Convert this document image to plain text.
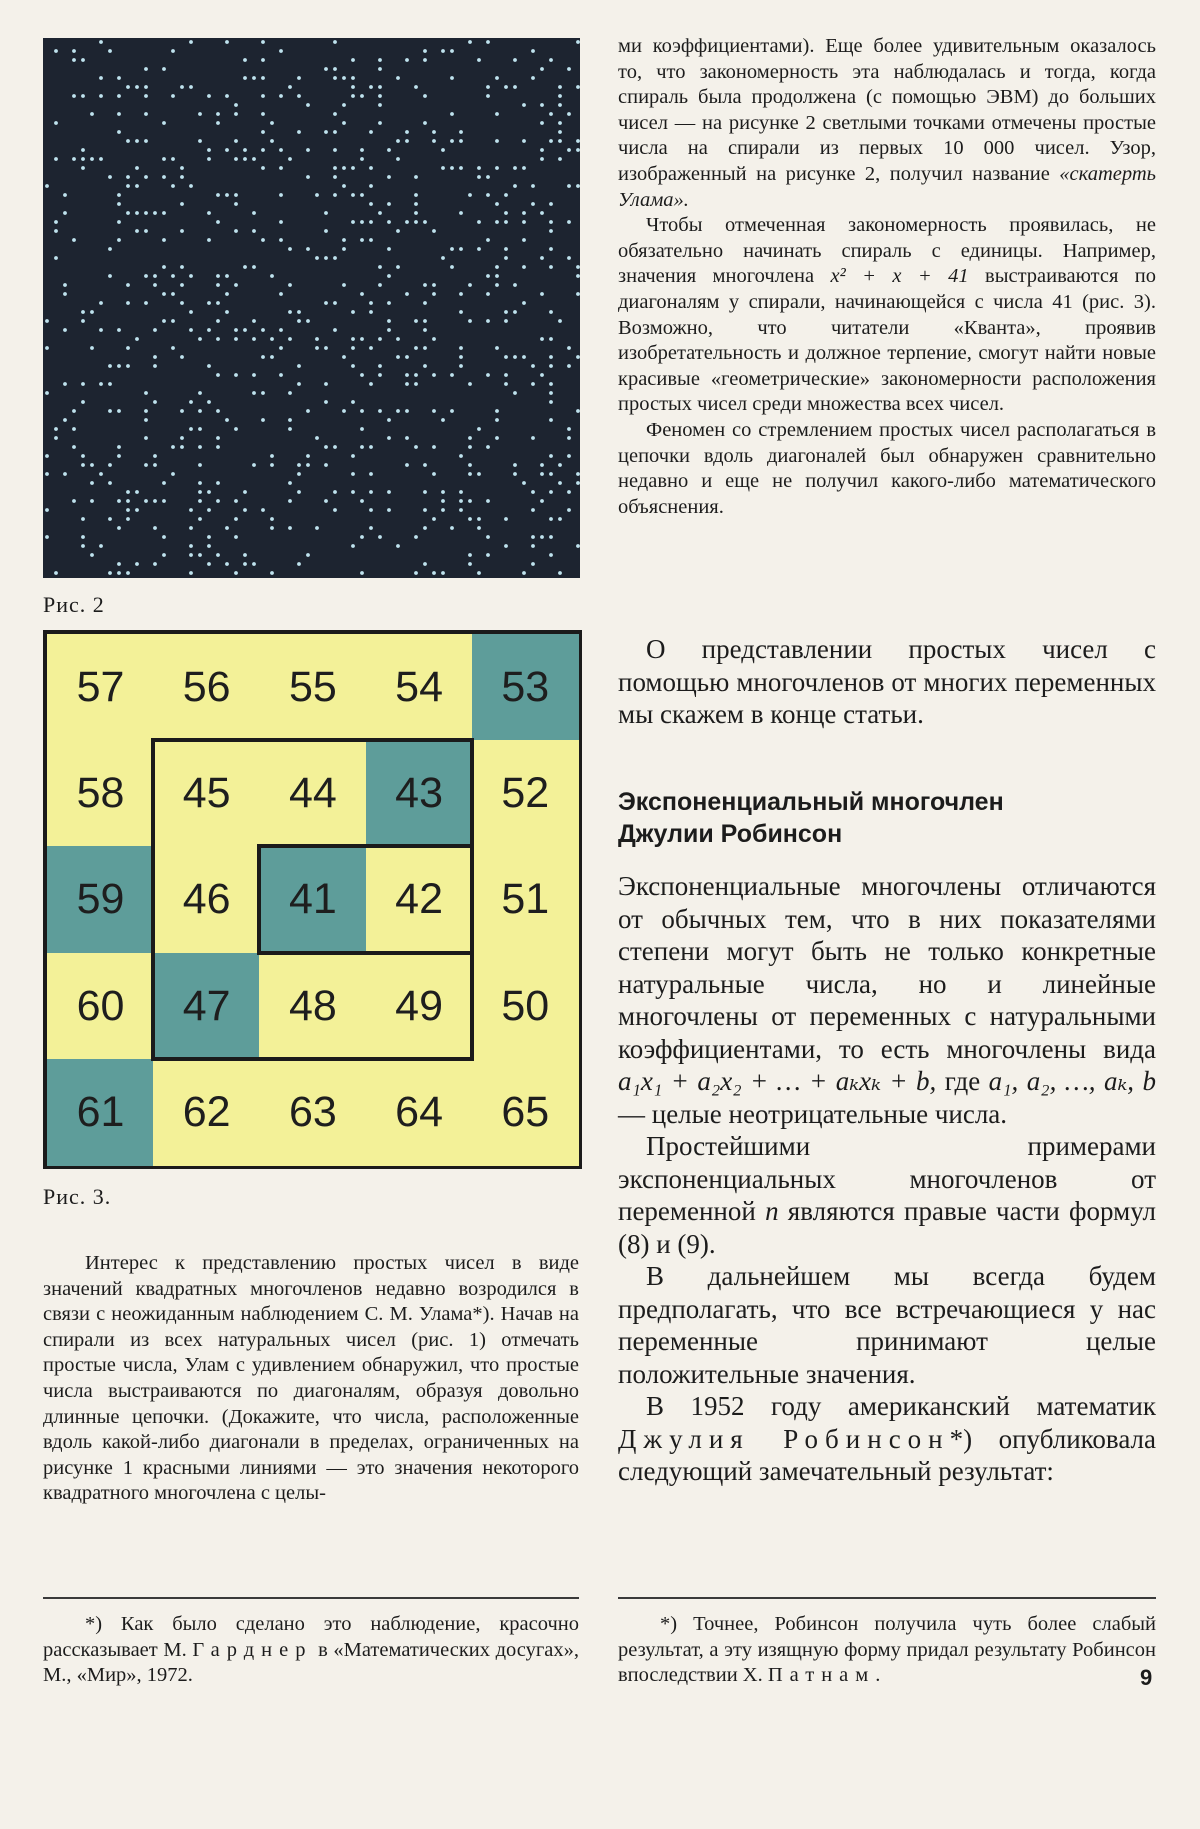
Рис. 2
57	56	55	54	53
58	45	44	43	52
59	46	41	42	51
60	47	48	49	50
61	62	63	64	65
Рис. 3.

Интерес к представлению простых чисел в виде значений квадратных многочленов недавно возродился в связи с неожиданным наблюдением С. М. Улама*). Начав на спирали из всех натуральных чисел (рис. 1) отмечать простые числа, Улам с удивлением обнаружил, что простые числа выстраиваются по диагоналям, образуя довольно длинные цепочки. (Докажите, что числа, расположенные вдоль какой-либо диагонали в пределах, ограниченных на рисунке 1 красными линиями — это значения некоторого квадратного многочлена с целы-

*) Как было сделано это наблюдение, красочно рассказывает М. Гарднер в «Математических досугах», М., «Мир», 1972.

ми коэффициентами). Еще более удивительным оказалось то, что закономерность эта наблюдалась и тогда, когда спираль была продолжена (с помощью ЭВМ) до больших чисел — на рисунке 2 светлыми точками отмечены простые числа на спирали из первых 10 000 чисел. Узор, изображенный на рисунке 2, получил название «скатерть Улама».

Чтобы отмеченная закономерность проявилась, не обязательно начинать спираль с единицы. Например, значения многочлена x² + x + 41 выстраиваются по диагоналям у спирали, начинающейся с числа 41 (рис. 3). Возможно, что читатели «Кванта», проявив изобретательность и должное терпение, смогут найти новые красивые «геометрические» закономерности расположения простых чисел среди множества всех чисел.

Феномен со стремлением простых чисел располагаться в цепочки вдоль диагоналей был обнаружен сравнительно недавно и еще не получил какого-либо математического объяснения.

О представлении простых чисел с помощью многочленов от многих переменных мы скажем в конце статьи.

Экспоненциальный многочлен
Джулии Робинсон

Экспоненциальные многочлены отличаются от обычных тем, что в них показателями степени могут быть не только конкретные натуральные числа, но и линейные многочлены от переменных с натуральными коэффициентами, то есть многочлены вида a₁x₁ + a₂x₂ + … + aₖxₖ + b, где a₁, a₂, …, aₖ, b — целые неотрицательные числа.

Простейшими примерами экспоненциальных многочленов от переменной n являются правые части формул (8) и (9).

В дальнейшем мы всегда будем предполагать, что все встречающиеся у нас переменные принимают целые положительные значения.

В 1952 году американский математик Джулия Робинсон*) опубликовала следующий замечательный результат:

*) Точнее, Робинсон получила чуть более слабый результат, а эту изящную форму придал результату Робинсон впоследствии Х. Патнам.	9
